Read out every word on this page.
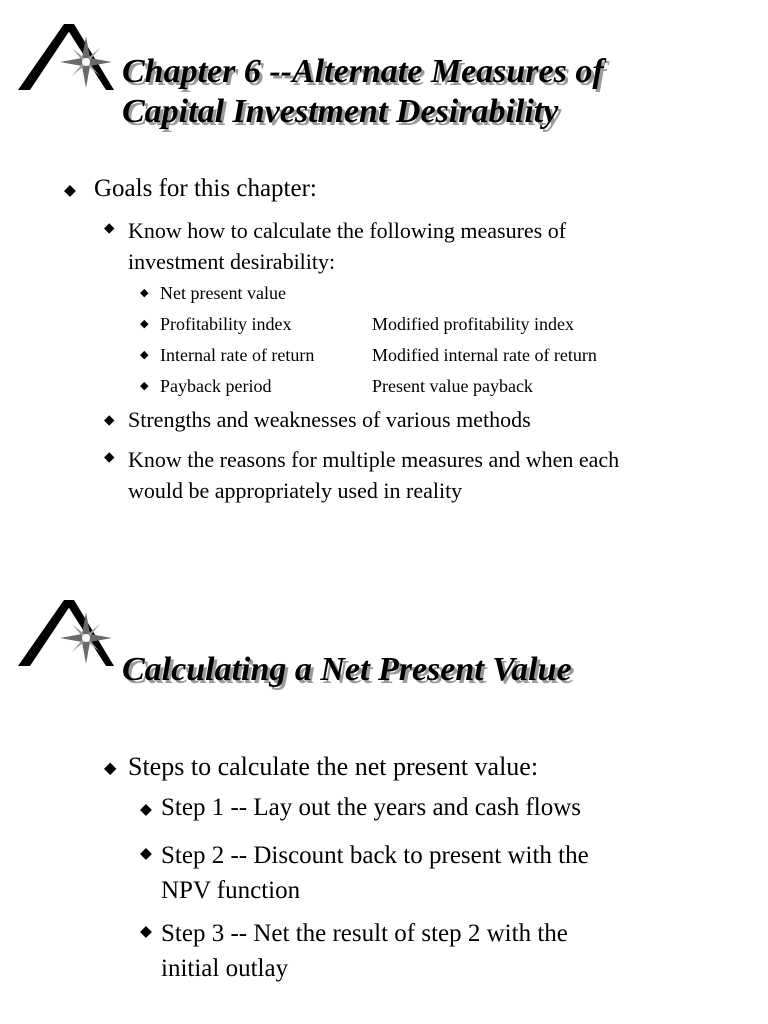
Chapter 6 --Alternate Measures of
Capital Investment Desirability
◆ Goals for this chapter:
◆ Know how to calculate the following measures of
investment desirability:
◆ Net present value
◆ Profitability index	Modified profitability index
◆ Internal rate of return	Modified internal rate of return
◆ Payback period	Present value payback
◆ Strengths and weaknesses of various methods
◆ Know the reasons for multiple measures and when each
would be appropriately used in reality
Calculating a Net Present Value
◆ Steps to calculate the net present value:
◆ Step 1 -- Lay out the years and cash flows
◆ Step 2 -- Discount back to present with the
NPV function
◆ Step 3 -- Net the result of step 2 with the
initial outlay
